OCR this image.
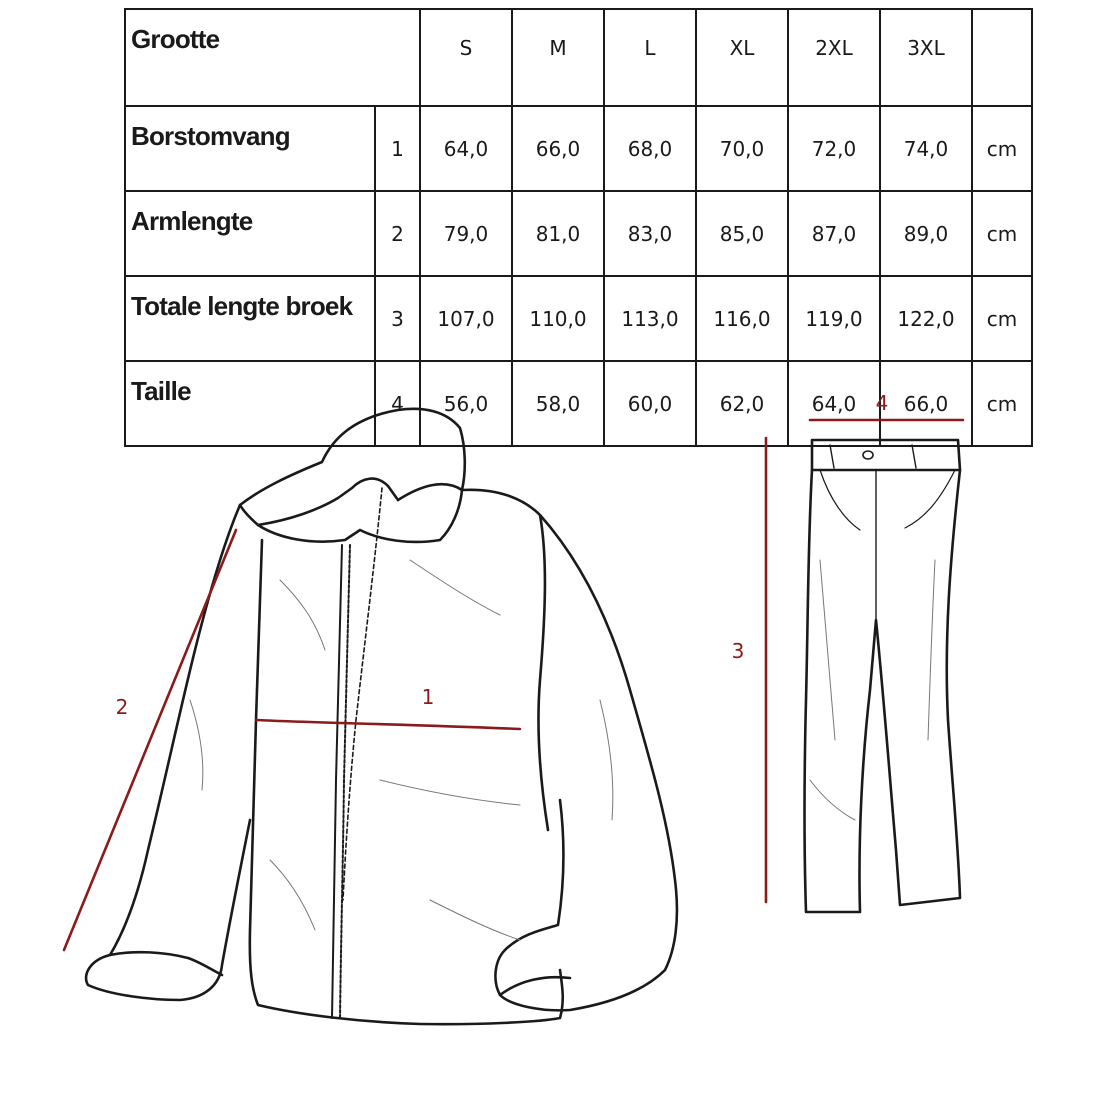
Grootte		S	M	L	XL	2XL	3XL	
Borstomvang	1	64,0	66,0	68,0	70,0	72,0	74,0	cm
Armlengte	2	79,0	81,0	83,0	85,0	87,0	89,0	cm
Totale lengte broek	3	107,0	110,0	113,0	116,0	119,0	122,0	cm
Taille	4	56,0	58,0	60,0	62,0	64,0	66,0	cm
1
2
3
4
